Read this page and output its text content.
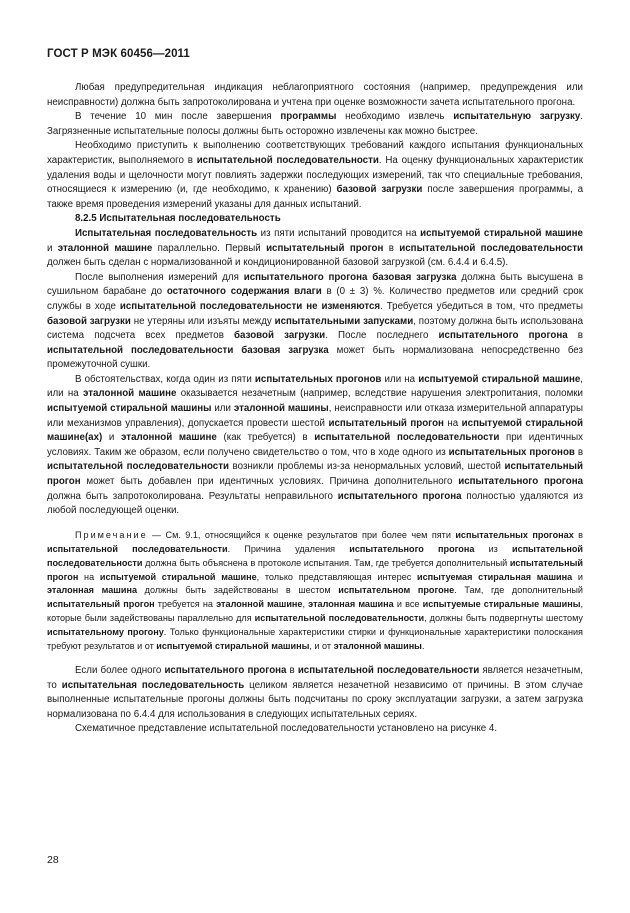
ГОСТ Р МЭК 60456—2011

Любая предупредительная индикация неблагоприятного состояния (например, предупреждения или неисправности) должна быть запротоколирована и учтена при оценке возможности зачета испытательного прогона.

В течение 10 мин после завершения программы необходимо извлечь испытательную загрузку. Загрязненные испытательные полосы должны быть осторожно извлечены как можно быстрее.

Необходимо приступить к выполнению соответствующих требований каждого испытания функциональных характеристик, выполняемого в испытательной последовательности. На оценку функциональных характеристик удаления воды и щелочности могут повлиять задержки последующих измерений, так что специальные требования, относящиеся к измерению (и, где необходимо, к хранению) базовой загрузки после завершения программы, а также время проведения измерений указаны для данных испытаний.

8.2.5 Испытательная последовательность

Испытательная последовательность из пяти испытаний проводится на испытуемой стиральной машине и эталонной машине параллельно. Первый испытательный прогон в испытательной последовательности должен быть сделан с нормализованной и кондиционированной базовой загрузкой (см. 6.4.4 и 6.4.5).

После выполнения измерений для испытательного прогона базовая загрузка должна быть высушена в сушильном барабане до остаточного содержания влаги в (0 ± 3) %. Количество предметов или средний срок службы в ходе испытательной последовательности не изменяются. Требуется убедиться в том, что предметы базовой загрузки не утеряны или изъяты между испытательными запусками, поэтому должна быть использована система подсчета всех предметов базовой загрузки. После последнего испытательного прогона в испытательной последовательности базовая загрузка может быть нормализована непосредственно без промежуточной сушки.

В обстоятельствах, когда один из пяти испытательных прогонов или на испытуемой стиральной машине, или на эталонной машине оказывается незачетным (например, вследствие нарушения электропитания, поломки испытуемой стиральной машины или эталонной машины, неисправности или отказа измерительной аппаратуры или механизмов управления), допускается провести шестой испытательный прогон на испытуемой стиральной машине(ах) и эталонной машине (как требуется) в испытательной последовательности при идентичных условиях. Таким же образом, если получено свидетельство о том, что в ходе одного из испытательных прогонов в испытательной последовательности возникли проблемы из-за ненормальных условий, шестой испытательный прогон может быть добавлен при идентичных условиях. Причина дополнительного испытательного прогона должна быть запротоколирована. Результаты неправильного испытательного прогона полностью удаляются из любой последующей оценки.

Примечание — См. 9.1, относящийся к оценке результатов при более чем пяти испытательных прогонах в испытательной последовательности. Причина удаления испытательного прогона из испытательной последовательности должна быть объяснена в протоколе испытания. Там, где требуется дополнительный испытательный прогон на испытуемой стиральной машине, только представляющая интерес испытуемая стиральная машина и эталонная машина должны быть задействованы в шестом испытательном прогоне. Там, где дополнительный испытательный прогон требуется на эталонной машине, эталонная машина и все испытуемые стиральные машины, которые были задействованы параллельно для испытательной последовательности, должны быть подвергнуты шестому испытательному прогону. Только функциональные характеристики стирки и функциональные характеристики полоскания требуют результатов и от испытуемой стиральной машины, и от эталонной машины.

Если более одного испытательного прогона в испытательной последовательности является незачетным, то испытательная последовательность целиком является незачетной независимо от причины. В этом случае выполненные испытательные прогоны должны быть подсчитаны по сроку эксплуатации загрузки, а затем загрузка нормализована по 6.4.4 для использования в следующих испытательных сериях.

Схематичное представление испытательной последовательности установлено на рисунке 4.

28
